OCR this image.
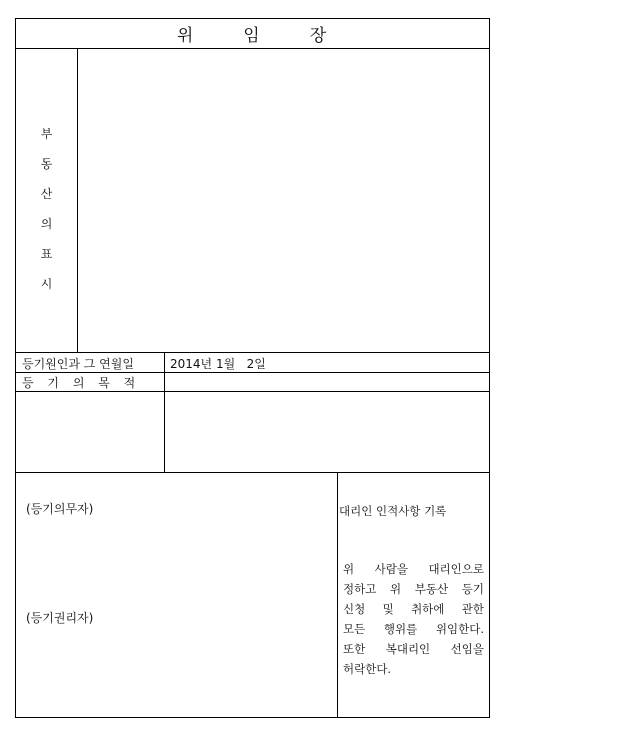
위	임	장
부
동
산
의
표
시
등기원인과 그 연월일	2014년 1월   2일
등 기 의 목 적
(등기의무자)
(등기권리자)
대리인 인적사항 기록
위 사람을 대리인으로
정하고 위 부동산 등기
신청 및 취하에 관한
모든 행위를 위임한다.
또한 복대리인 선임을
허락한다.
